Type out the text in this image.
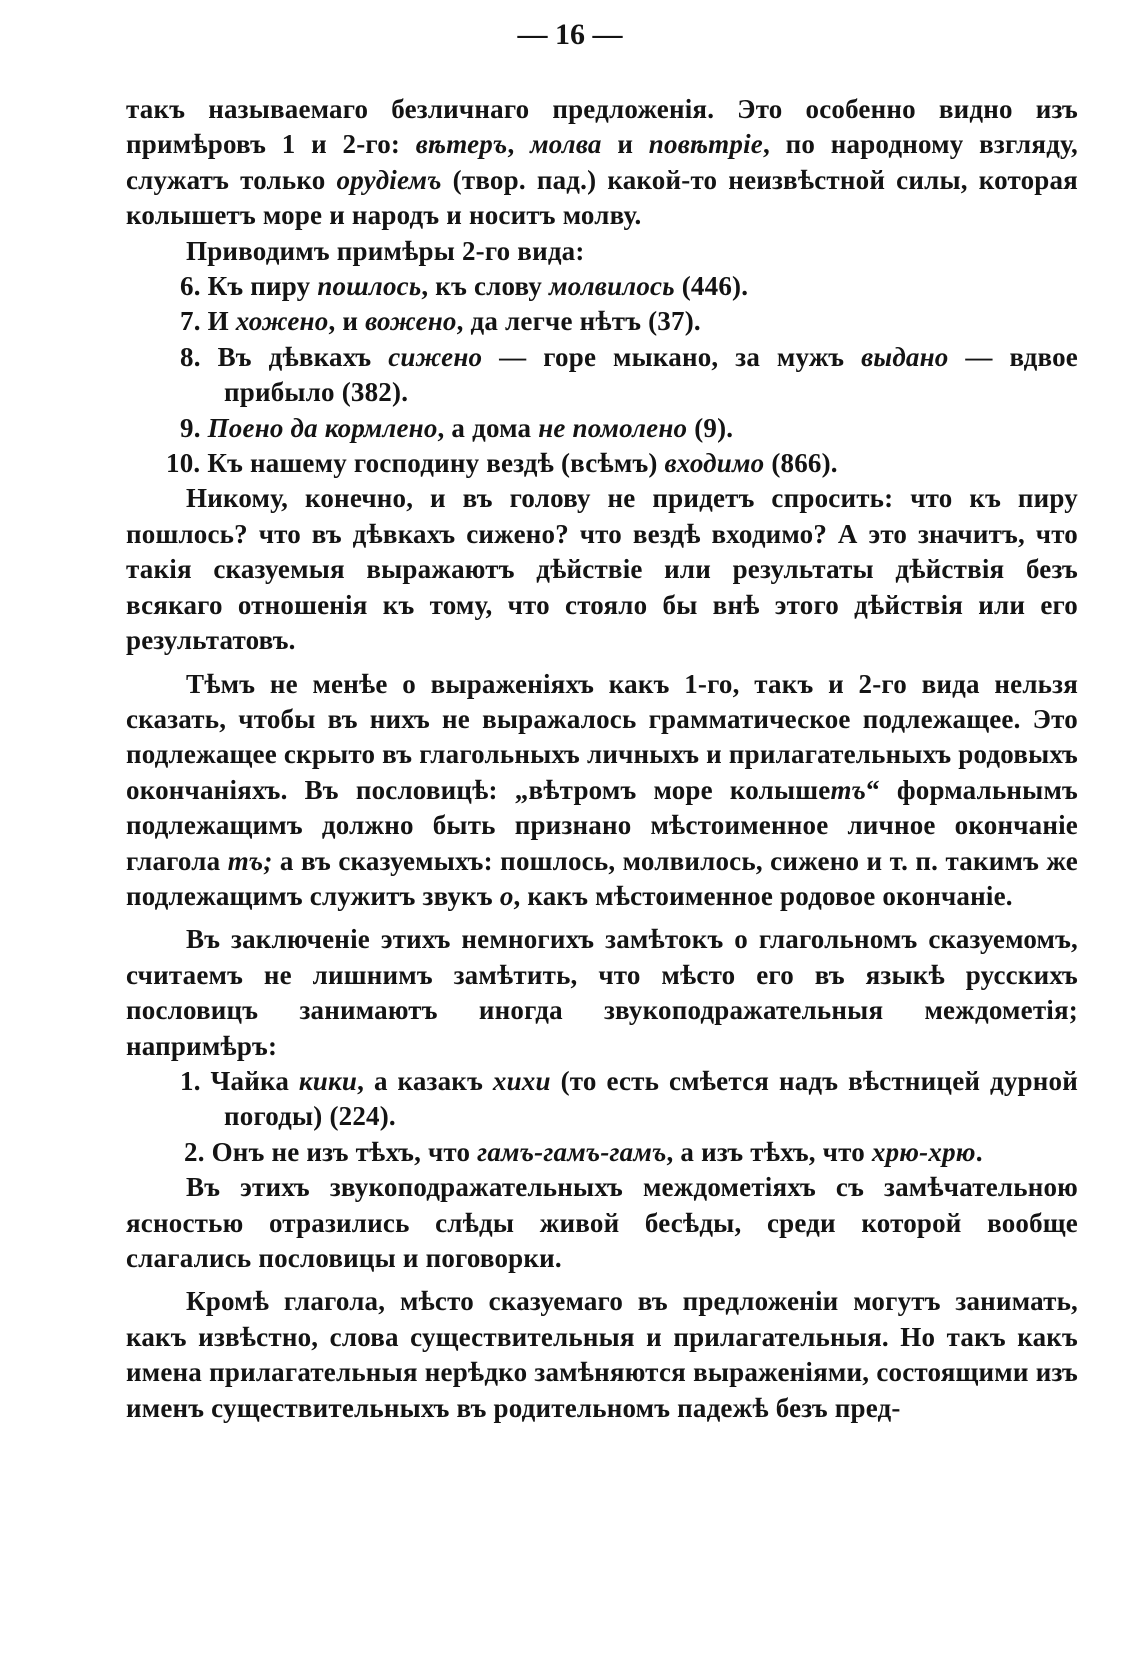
— 16 —

такъ называемаго безличнаго предложенія. Это особенно видно изъ примѣровъ 1 и 2-го: вѣтеръ, молва и повѣтріе, по народному взгляду, служатъ только орудіемъ (твор. пад.) какой-то неизвѣстной силы, которая колышетъ море и народъ и носитъ молву.

Приводимъ примѣры 2-го вида:

6. Къ пиру пошлось, къ слову молвилось (446).

7. И хожено, и вожено, да легче нѣтъ (37).

8. Въ дѣвкахъ сижено — горе мыкано, за мужъ выдано — вдвое прибыло (382).

9. Поено да кормлено, а дома не помолено (9).

10. Къ нашему господину вездѣ (всѣмъ) входимо (866).

Никому, конечно, и въ голову не придетъ спросить: что къ пиру пошлось? что въ дѣвкахъ сижено? что вездѣ входимо? А это значитъ, что такія сказуемыя выражаютъ дѣйствіе или результаты дѣйствія безъ всякаго отношенія къ тому, что стояло бы внѣ этого дѣйствія или его результатовъ.

Тѣмъ не менѣе о выраженіяхъ какъ 1-го, такъ и 2-го вида нельзя сказать, чтобы въ нихъ не выражалось грамматическое подлежащее. Это подлежащее скрыто въ глагольныхъ личныхъ и прилагательныхъ родовыхъ окончаніяхъ. Въ пословицѣ: „вѣтромъ море колышетъ“ формальнымъ подлежащимъ должно быть признано мѣстоименное личное окончаніе глагола тъ; а въ сказуемыхъ: пошлось, молвилось, сижено и т. п. такимъ же подлежащимъ служитъ звукъ о, какъ мѣстоименное родовое окончаніе.

Въ заключеніе этихъ немногихъ замѣтокъ о глагольномъ сказуемомъ, считаемъ не лишнимъ замѣтить, что мѣсто его въ языкѣ русскихъ пословицъ занимаютъ иногда звукоподражательныя междометія; напримѣръ:

1. Чайка кики, а казакъ хихи (то есть смѣется надъ вѣстницей дурной погоды) (224).

2. Онъ не изъ тѣхъ, что гамъ-гамъ-гамъ, а изъ тѣхъ, что хрю-хрю.

Въ этихъ звукоподражательныхъ междометіяхъ съ замѣчательною ясностью отразились слѣды живой бесѣды, среди которой вообще слагались пословицы и поговорки.

Кромѣ глагола, мѣсто сказуемаго въ предложеніи могутъ занимать, какъ извѣстно, слова существительныя и прилагательныя. Но такъ какъ имена прилагательныя нерѣдко замѣняются выраженіями, состоящими изъ именъ существительныхъ въ родительномъ падежѣ безъ пред-
